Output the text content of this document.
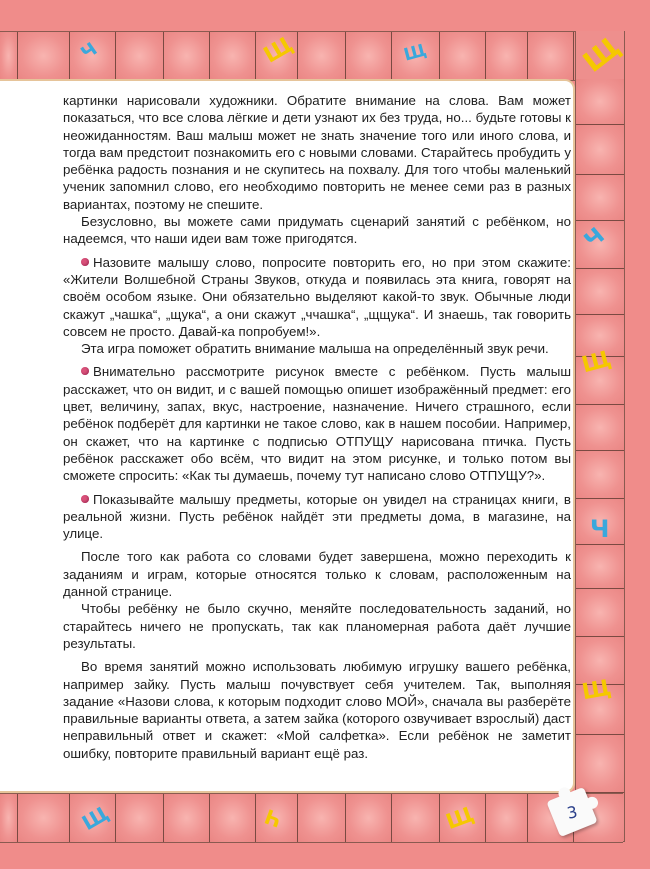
Ч	Щ	Щ	Щ
Ч
Щ
Ч
Щ
Щ	Ч	Щ

картинки нарисовали художники. Обратите внимание на слова. Вам может показаться, что все слова лёгкие и дети узнают их без труда, но... будьте готовы к неожиданностям. Ваш малыш может не знать значение того или иного слова, и тогда вам предстоит познакомить его с новыми словами. Старайтесь пробудить у ребёнка радость познания и не скупитесь на похвалу. Для того чтобы маленький ученик запомнил слово, его необходимо повторить не менее семи раз в разных вариантах, поэтому не спешите.

Безусловно, вы можете сами придумать сценарий занятий с ребёнком, но надеемся, что наши идеи вам тоже пригодятся.

Назовите малышу слово, попросите повторить его, но при этом скажите: «Жители Волшебной Страны Звуков, откуда и появилась эта книга, говорят на своём особом языке. Они обязательно выделяют какой-то звук. Обычные люди скажут „чашка“, „щука“, а они скажут „ччашка“, „щщука“. И знаешь, так говорить совсем не просто. Давай-ка попробуем!».

Эта игра поможет обратить внимание малыша на определённый звук речи.

Внимательно рассмотрите рисунок вместе с ребёнком. Пусть малыш расскажет, что он видит, и с вашей помощью опишет изображённый предмет: его цвет, величину, запах, вкус, настроение, назначение. Ничего страшного, если ребёнок подберёт для картинки не такое слово, как в нашем пособии. Например, он скажет, что на картинке с подписью ОТПУЩУ нарисована птичка. Пусть ребёнок расскажет обо всём, что видит на этом рисунке, и только потом вы сможете спросить: «Как ты думаешь, почему тут написано слово ОТПУЩУ?».

Показывайте малышу предметы, которые он увидел на страницах книги, в реальной жизни. Пусть ребёнок найдёт эти предметы дома, в магазине, на улице.

После того как работа со словами будет завершена, можно переходить к заданиям и играм, которые относятся только к словам, расположенным на данной странице.

Чтобы ребёнку не было скучно, меняйте последовательность заданий, но старайтесь ничего не пропускать, так как планомерная работа даёт лучшие результаты.

Во время занятий можно использовать любимую игрушку вашего ребёнка, например зайку. Пусть малыш почувствует себя учителем. Так, выполняя задание «Назови слова, к которым подходит слово МОЙ», сначала вы разберёте правильные варианты ответа, а затем зайка (которого озвучивает взрослый) даст неправильный ответ и скажет: «Мой салфетка». Если ребёнок не заметит ошибку, повторите правильный вариант ещё раз.

3
